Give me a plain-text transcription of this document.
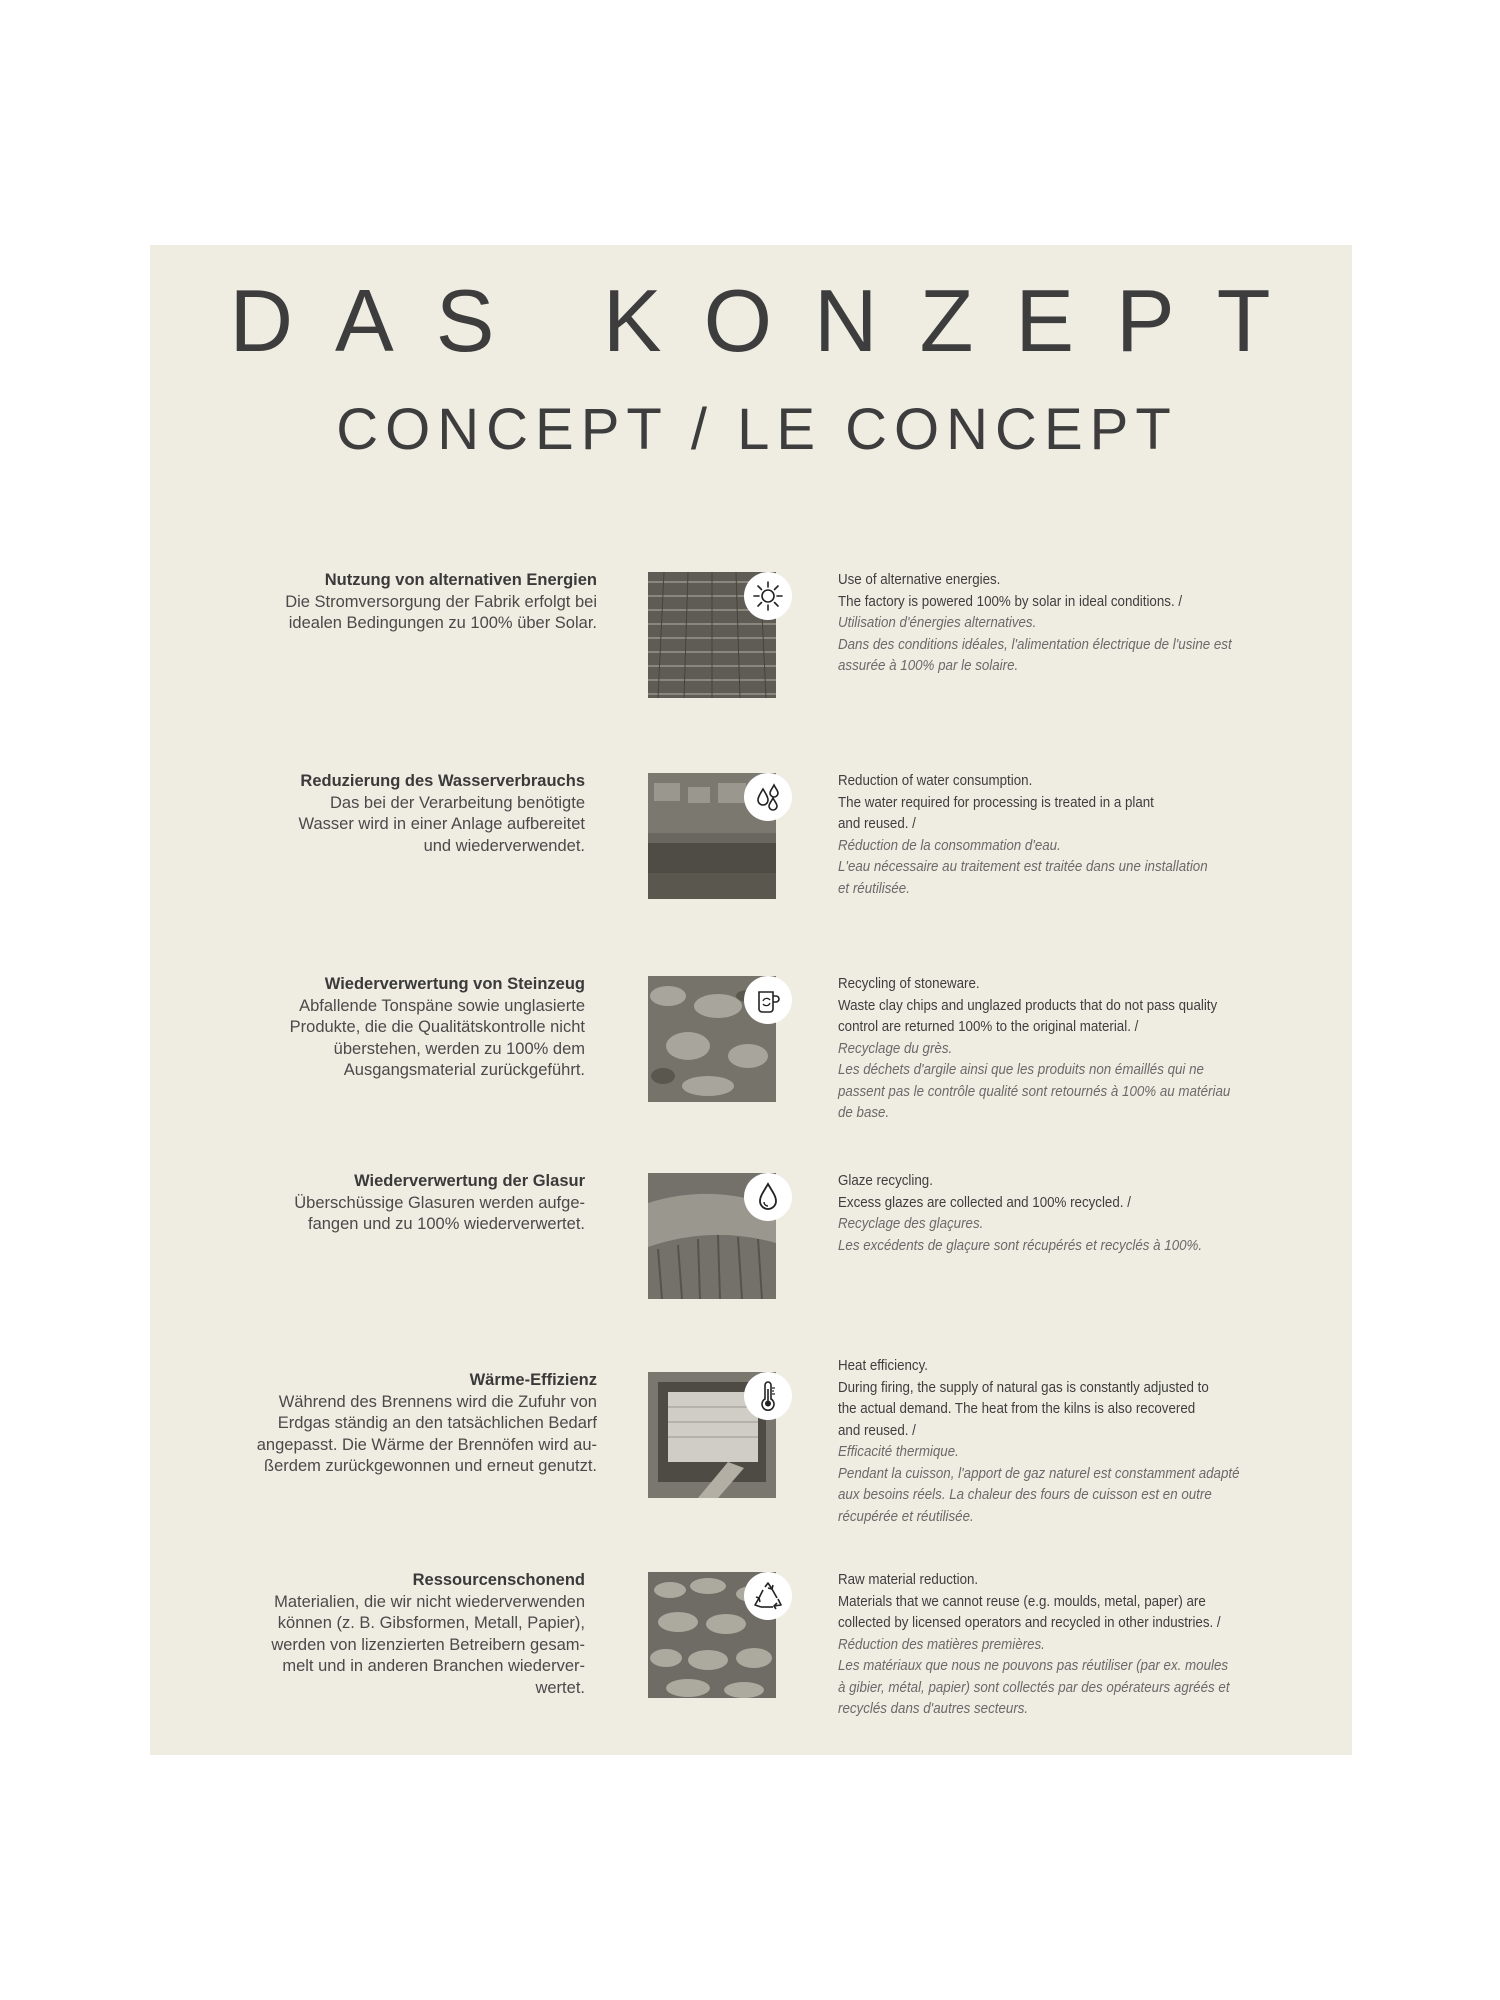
DAS KONZEPT
CONCEPT / LE CONCEPT
Nutzung von alternativen Energien
Die Stromversorgung der Fabrik erfolgt bei
idealen Bedingungen zu 100% über Solar.
Use of alternative energies.
The factory is powered 100% by solar in ideal conditions. /
Utilisation d'énergies alternatives.
Dans des conditions idéales, l'alimentation électrique de l'usine est
assurée à 100% par le solaire.
Reduzierung des Wasserverbrauchs
Das bei der Verarbeitung benötigte
Wasser wird in einer Anlage aufbereitet
und wiederverwendet.
Reduction of water consumption.
The water required for processing is treated in a plant
and reused. /
Réduction de la consommation d'eau.
L'eau nécessaire au traitement est traitée dans une installation
et réutilisée.
Wiederverwertung von Steinzeug
Abfallende Tonspäne sowie unglasierte
Produkte, die die Qualitätskontrolle nicht
überstehen, werden zu 100% dem
Ausgangsmaterial zurückgeführt.
Recycling of stoneware.
Waste clay chips and unglazed products that do not pass quality
control are returned 100% to the original material. /
Recyclage du grès.
Les déchets d'argile ainsi que les produits non émaillés qui ne
passent pas le contrôle qualité sont retournés à 100% au matériau
de base.
Wiederverwertung der Glasur
Überschüssige Glasuren werden aufge-
fangen und zu 100% wiederverwertet.
Glaze recycling.
Excess glazes are collected and 100% recycled. /
Recyclage des glaçures.
Les excédents de glaçure sont récupérés et recyclés à 100%.
Wärme-Effizienz
Während des Brennens wird die Zufuhr von
Erdgas ständig an den tatsächlichen Bedarf
angepasst. Die Wärme der Brennöfen wird au-
ßerdem zurückgewonnen und erneut genutzt.
Heat efficiency.
During firing, the supply of natural gas is constantly adjusted to
the actual demand. The heat from the kilns is also recovered
and reused. /
Efficacité thermique.
Pendant la cuisson, l'apport de gaz naturel est constamment adapté
aux besoins réels. La chaleur des fours de cuisson est en outre
récupérée et réutilisée.
Ressourcenschonend
Materialien, die wir nicht wiederverwenden
können (z. B. Gibsformen, Metall, Papier),
werden von lizenzierten Betreibern gesam-
melt und in anderen Branchen wiederver-
wertet.
Raw material reduction.
Materials that we cannot reuse (e.g. moulds, metal, paper) are
collected by licensed operators and recycled in other industries. /
Réduction des matières premières.
Les matériaux que nous ne pouvons pas réutiliser (par ex. moules
à gibier, métal, papier) sont collectés par des opérateurs agréés et
recyclés dans d'autres secteurs.
